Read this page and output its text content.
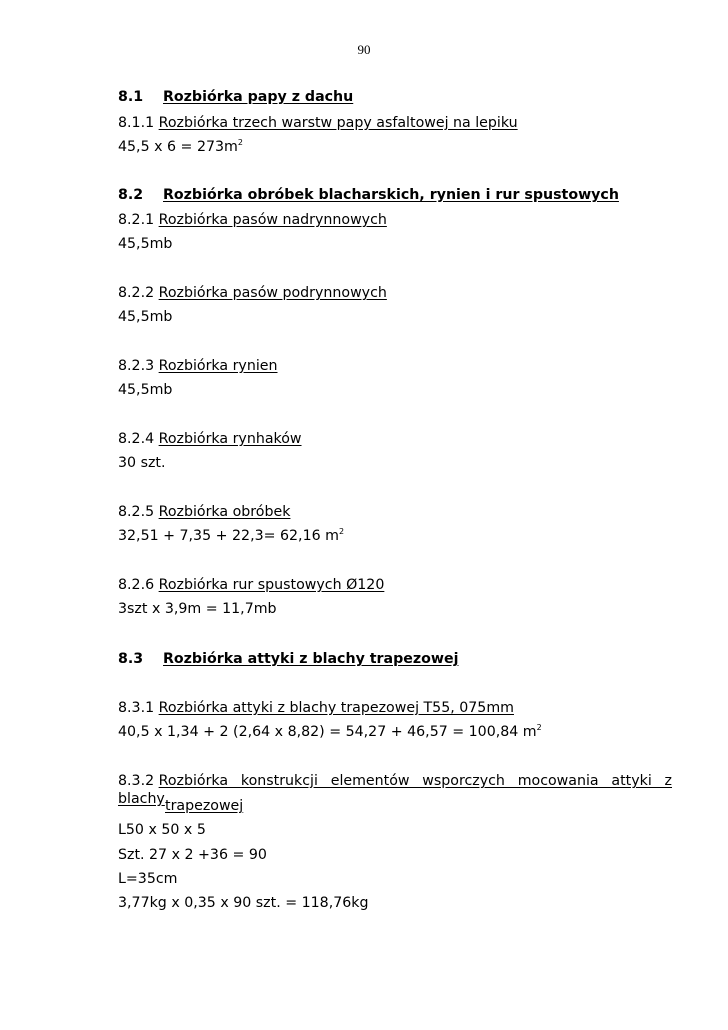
90
8.1 Rozbiórka papy z dachu
8.1.1 Rozbiórka trzech warstw papy asfaltowej na lepiku
45,5 x $6 = 273m^2$
8.2 Rozbiórka obróbek blacharskich, rynien i rur spustowych
8.2.1 Rozbiórka pasów nadrynnowych
45,5mb
8.2.2 Rozbiórka pasów podrynnowych
45,5mb
8.2.3 Rozbiórka rynien
45,5mb
8.2.4 Rozbiórka rynhaków
30 szt.
8.2.5 Rozbiórka obróbek
32,51 + 7,35 + 22,3= 62,16 $m^2$
8.2.6 Rozbiórka rur spustowych Ø120
3szt x 3,9m = 11,7mb
8.3 Rozbiórka attyki z blachy trapezowej
8.3.1 Rozbiórka attyki z blachy trapezowej T55, 075mm
40,5 x 1,34 + 2 (2,64 x 8,82) = 54,27 + 46,57 = 100,84 $m^2$
8.3.2 Rozbiórka konstrukcji elementów wsporczych mocowania attyki z blachy trapezowej
L50 x 50 x 5
Szt. 27 x 2 +36 = 90
L=35cm
3,77kg x 0,35 x 90 szt. = 118,76kg
